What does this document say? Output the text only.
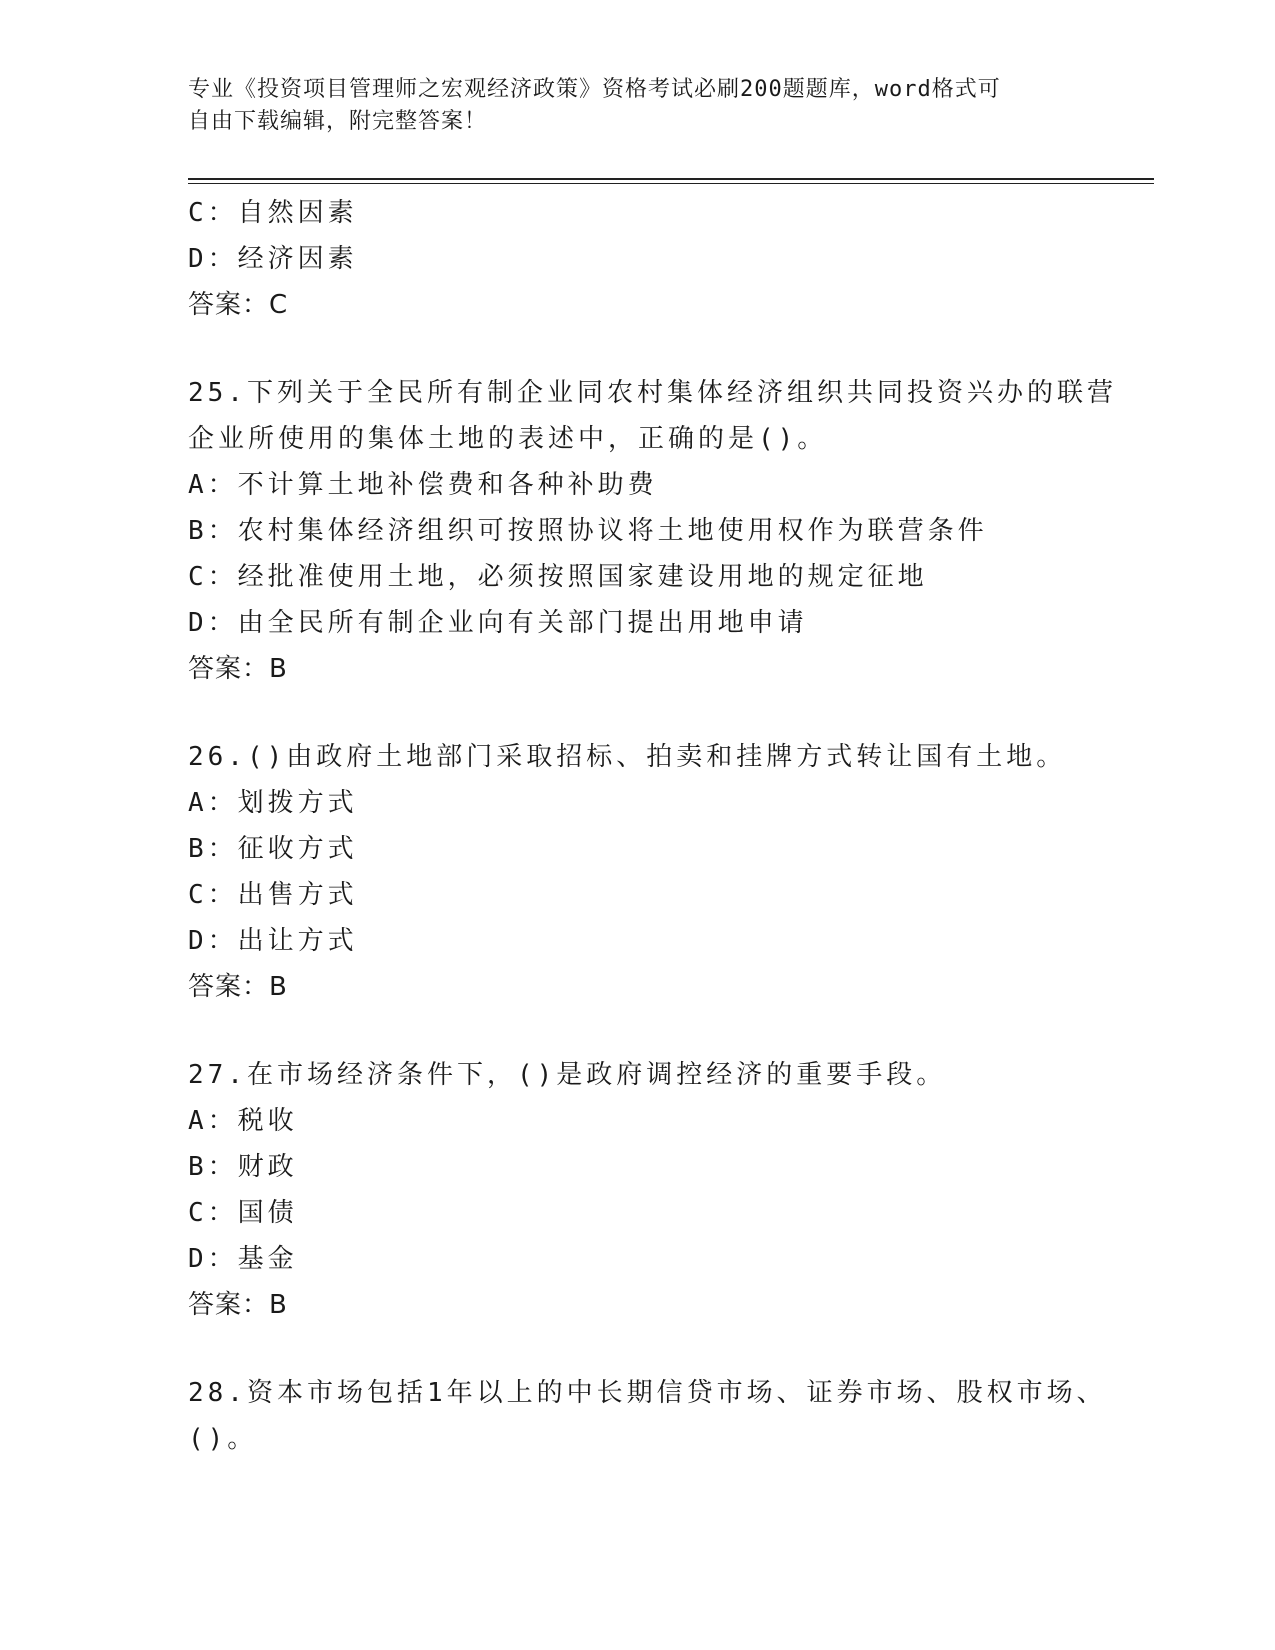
专业《投资项目管理师之宏观经济政策》资格考试必刷200题题库，word格式可
自由下载编辑，附完整答案！
C：自然因素
D：经济因素
答案：C
25.下列关于全民所有制企业同农村集体经济组织共同投资兴办的联营
企业所使用的集体土地的表述中，正确的是()。
A：不计算土地补偿费和各种补助费
B：农村集体经济组织可按照协议将土地使用权作为联营条件
C：经批准使用土地，必须按照国家建设用地的规定征地
D：由全民所有制企业向有关部门提出用地申请
答案：B
26.()由政府土地部门采取招标、拍卖和挂牌方式转让国有土地。
A：划拨方式
B：征收方式
C：出售方式
D：出让方式
答案：B
27.在市场经济条件下，()是政府调控经济的重要手段。
A：税收
B：财政
C：国债
D：基金
答案：B
28.资本市场包括1年以上的中长期信贷市场、证券市场、股权市场、
()。
